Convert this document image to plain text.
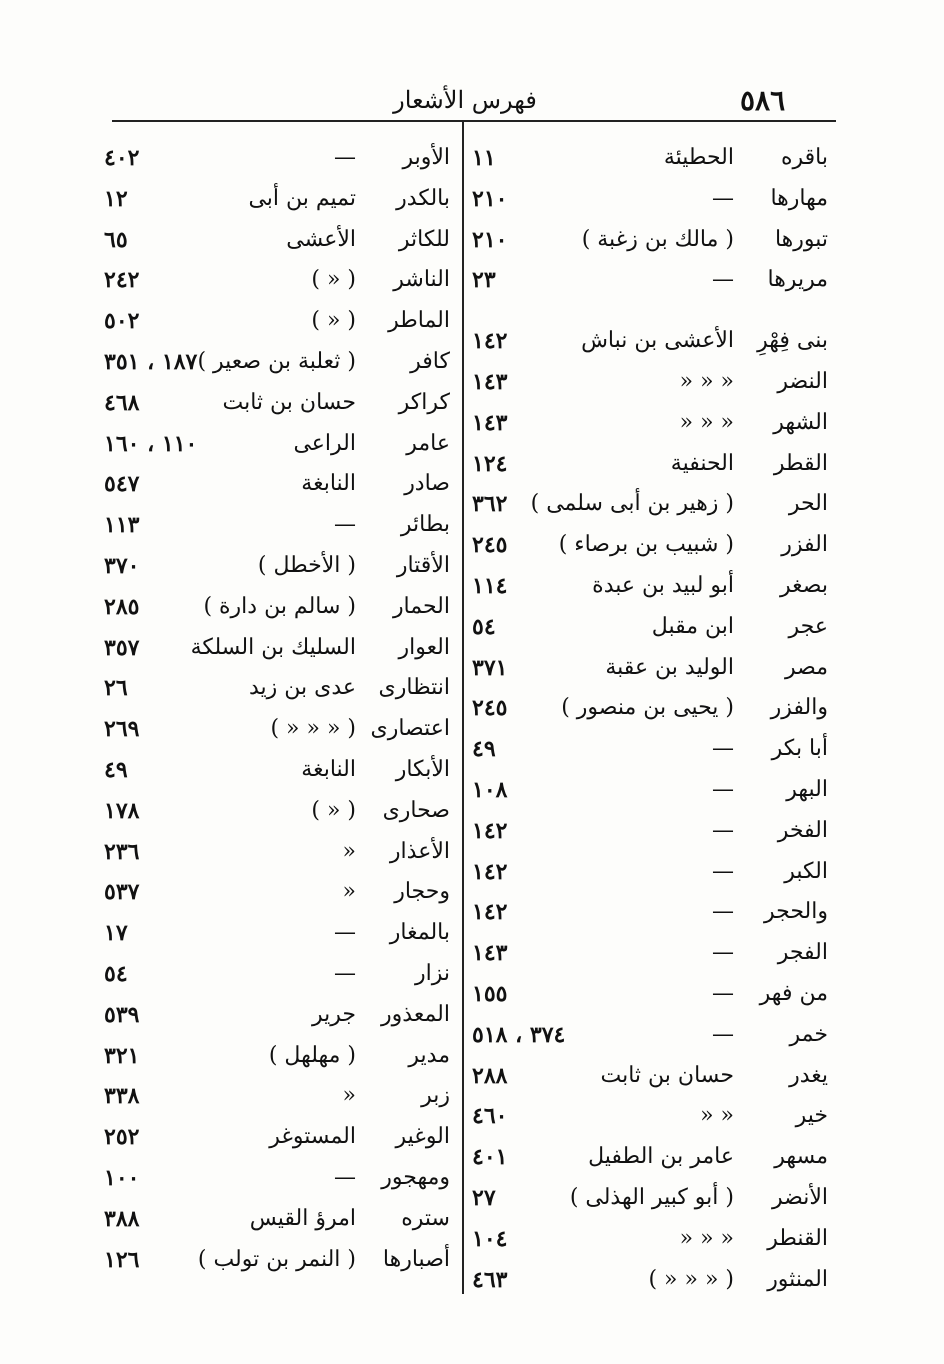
٥٨٦
فهرس الأشعار
باقره
الحطيئة
١١
مهارها
—
٢١٠
تبورها
( مالك بن زغبة )
٢١٠
مريرها
—
٢٣
بنى فِهْرِ
الأعشى بن نباش
١٤٢
النضر
« « «
١٤٣
الشهر
« « «
١٤٣
القطر
الحنفية
١٢٤
الحر
( زهير بن أبى سلمى )
٣٦٢
الفزر
( شبيب بن برصاء )
٢٤٥
بصغر
أبو لبيد بن عبدة
١١٤
عجر
ابن مقبل
٥٤
مصر
الوليد بن عقبة
٣٧١
والفزر
( يحيى بن منصور )
٢٤٥
أبا بكر
—
٤٩
البهر
—
١٠٨
الفخر
—
١٤٢
الكبر
—
١٤٢
والحجر
—
١٤٢
الفجر
—
١٤٣
من فهر
—
١٥٥
خمر
—
٣٧٤ ، ٥١٨
يغدر
حسان بن ثابت
٢٨٨
خير
« «
٤٦٠
مسهر
عامر بن الطفيل
٤٠١
الأنضر
( أبو كبير الهذلى )
٢٧
القنطر
« « «
١٠٤
المنثور
( « « « )
٤٦٣
الأوبر
—
٤٠٢
بالكدر
تميم بن أبى
١٢
للكاثر
الأعشى
٦٥
الناشر
( « )
٢٤٢
الماطر
( « )
٥٠٢
كافر
( ثعلبة بن صعير )
١٨٧ ، ٣٥١
كراكر
حسان بن ثابت
٤٦٨
عامر
الراعى
١١٠ ، ١٦٠
صادر
النابغة
٥٤٧
بطائر
—
١١٣
الأقتار
( الأخطل )
٣٧٠
الحمار
( سالم بن دارة )
٢٨٥
العوار
السليك بن السلكة
٣٥٧
انتظارى
عدى بن زيد
٢٦
اعتصارى
( « « « )
٢٦٩
الأبكار
النابغة
٤٩
صحارى
( « )
١٧٨
الأعذار
«
٢٣٦
وحجار
«
٥٣٧
بالمغار
—
١٧
نزار
—
٥٤
المعذور
جرير
٥٣٩
مدير
( مهلهل )
٣٢١
زبر
«
٣٣٨
الوغير
المستوغر
٢٥٢
ومهجور
—
١٠٠
ستره
امرؤ القيس
٣٨٨
أصبارها
( النمر بن تولب )
١٢٦
